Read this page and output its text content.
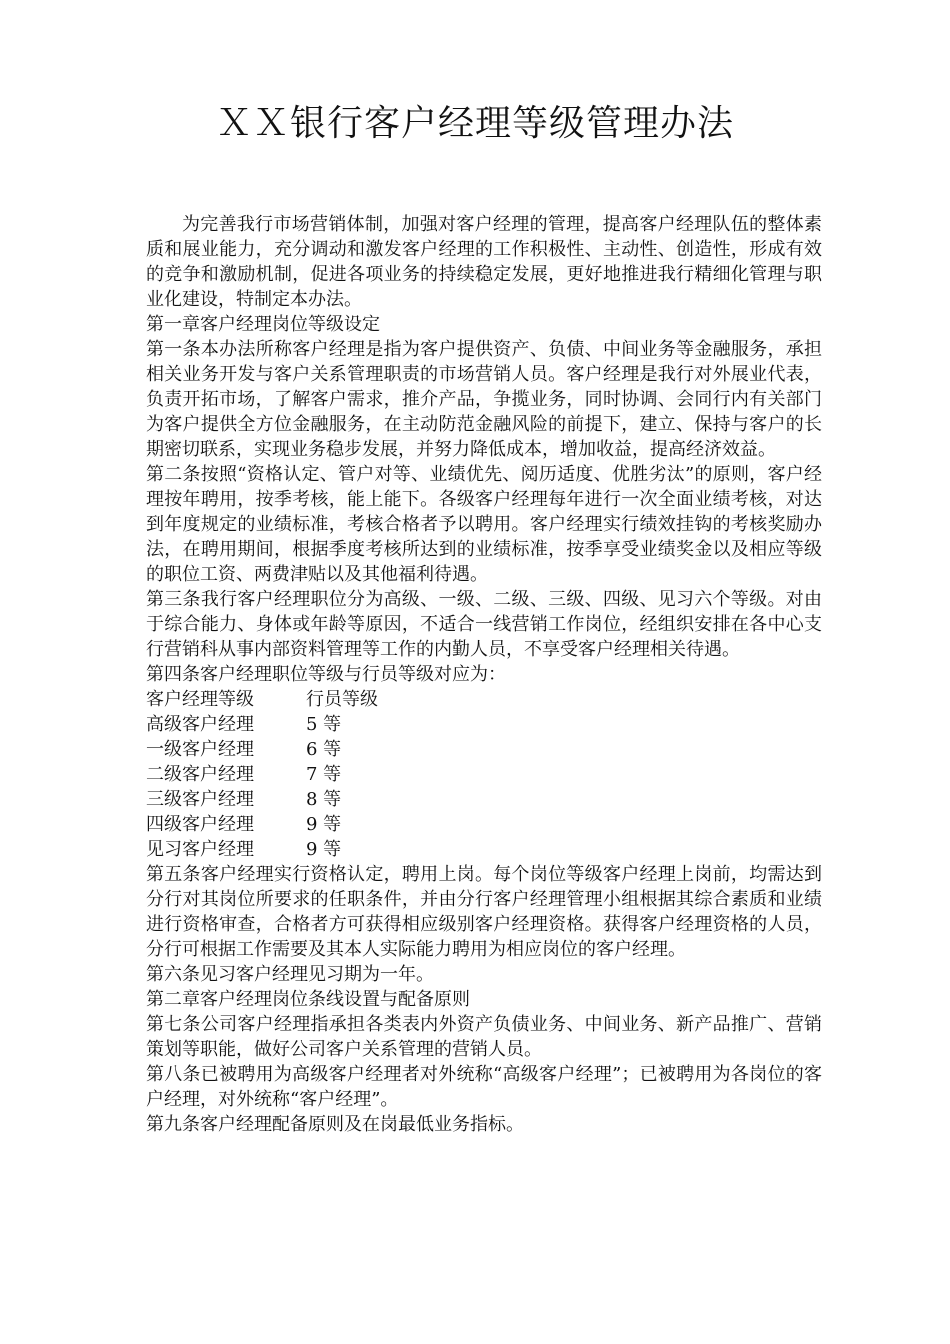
ＸＸ银行客户经理等级管理办法

为完善我行市场营销体制，加强对客户经理的管理，提高客户经理队伍的整体素质和展业能力，充分调动和激发客户经理的工作积极性、主动性、创造性，形成有效的竞争和激励机制，促进各项业务的持续稳定发展，更好地推进我行精细化管理与职业化建设，特制定本办法。

第一章客户经理岗位等级设定

第一条本办法所称客户经理是指为客户提供资产、负债、中间业务等金融服务，承担相关业务开发与客户关系管理职责的市场营销人员。客户经理是我行对外展业代表，负责开拓市场，了解客户需求，推介产品，争揽业务，同时协调、会同行内有关部门为客户提供全方位金融服务，在主动防范金融风险的前提下，建立、保持与客户的长期密切联系，实现业务稳步发展，并努力降低成本，增加收益，提高经济效益。

第二条按照“资格认定、管户对等、业绩优先、阅历适度、优胜劣汰”的原则，客户经理按年聘用，按季考核，能上能下。各级客户经理每年进行一次全面业绩考核，对达到年度规定的业绩标准，考核合格者予以聘用。客户经理实行绩效挂钩的考核奖励办法，在聘用期间，根据季度考核所达到的业绩标准，按季享受业绩奖金以及相应等级的职位工资、两费津贴以及其他福利待遇。

第三条我行客户经理职位分为高级、一级、二级、三级、四级、见习六个等级。对由于综合能力、身体或年龄等原因，不适合一线营销工作岗位，经组织安排在各中心支行营销科从事内部资料管理等工作的内勤人员，不享受客户经理相关待遇。

第四条客户经理职位等级与行员等级对应为：

客户经理等级	行员等级
高级客户经理	5 等
一级客户经理	6 等
二级客户经理	7 等
三级客户经理	8 等
四级客户经理	9 等
见习客户经理	9 等

第五条客户经理实行资格认定，聘用上岗。每个岗位等级客户经理上岗前，均需达到分行对其岗位所要求的任职条件，并由分行客户经理管理小组根据其综合素质和业绩进行资格审查，合格者方可获得相应级别客户经理资格。获得客户经理资格的人员，分行可根据工作需要及其本人实际能力聘用为相应岗位的客户经理。

第六条见习客户经理见习期为一年。

第二章客户经理岗位条线设置与配备原则

第七条公司客户经理指承担各类表内外资产负债业务、中间业务、新产品推广、营销策划等职能，做好公司客户关系管理的营销人员。

第八条已被聘用为高级客户经理者对外统称“高级客户经理”；已被聘用为各岗位的客户经理，对外统称“客户经理”。

第九条客户经理配备原则及在岗最低业务指标。
